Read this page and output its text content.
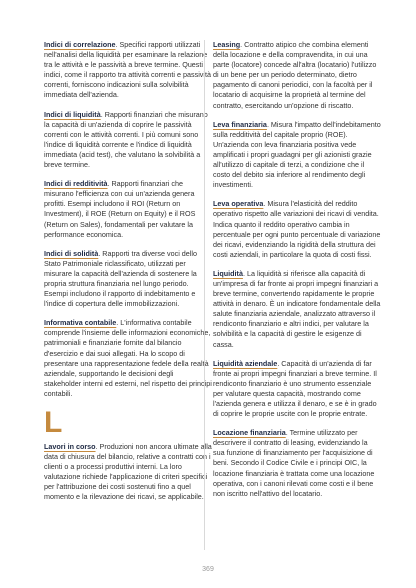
Indici di correlazione. Specifici rapporti utilizzati nell'analisi della liquidità per esaminare la relazione tra le attività e le passività a breve termine. Questi indici, come il rapporto tra attività correnti e passività correnti, forniscono indicazioni sulla solvibilità immediata dell'azienda.

Indici di liquidità. Rapporti finanziari che misurano la capacità di un'azienda di coprire le passività correnti con le attività correnti. I più comuni sono l'indice di liquidità corrente e l'indice di liquidità immediata (acid test), che valutano la solvibilità a breve termine.

Indici di redditività. Rapporti finanziari che misurano l'efficienza con cui un'azienda genera profitti. Esempi includono il ROI (Return on Investment), il ROE (Return on Equity) e il ROS (Return on Sales), fondamentali per valutare la performance economica.

Indici di solidità. Rapporti tra diverse voci dello Stato Patrimoniale riclassificato, utilizzati per misurare la capacità dell'azienda di sostenere la propria struttura finanziaria nel lungo periodo. Esempi includono il rapporto di indebitamento e l'indice di copertura delle immobilizzazioni.

Informativa contabile. L'informativa contabile comprende l'insieme delle informazioni economiche, patrimoniali e finanziarie fornite dal bilancio d'esercizio e dai suoi allegati. Ha lo scopo di presentare una rappresentazione fedele della realtà aziendale, supportando le decisioni degli stakeholder interni ed esterni, nel rispetto dei principi contabili.

L

Lavori in corso. Produzioni non ancora ultimate alla data di chiusura del bilancio, relative a contratti con i clienti o a processi produttivi interni. La loro valutazione richiede l'applicazione di criteri specifici per l'attribuzione dei costi sostenuti fino a quel momento e la rilevazione dei ricavi, se applicabile.

Leasing. Contratto atipico che combina elementi della locazione e della compravendita, in cui una parte (locatore) concede all'altra (locatario) l'utilizzo di un bene per un periodo determinato, dietro pagamento di canoni periodici, con la facoltà per il locatario di acquisirne la proprietà al termine del contratto, esercitando un'opzione di riscatto.

Leva finanziaria. Misura l'impatto dell'indebitamento sulla redditività del capitale proprio (ROE). Un'azienda con leva finanziaria positiva vede amplificati i propri guadagni per gli azionisti grazie all'utilizzo di capitale di terzi, a condizione che il costo del debito sia inferiore al rendimento degli investimenti.

Leva operativa. Misura l'elasticità del reddito operativo rispetto alle variazioni dei ricavi di vendita. Indica quanto il reddito operativo cambia in percentuale per ogni punto percentuale di variazione dei ricavi, evidenziando la rigidità della struttura dei costi aziendali, in particolare la quota di costi fissi.

Liquidità. La liquidità si riferisce alla capacità di un'impresa di far fronte ai propri impegni finanziari a breve termine, convertendo rapidamente le proprie attività in denaro. È un indicatore fondamentale della salute finanziaria aziendale, analizzato attraverso il rendiconto finanziario e altri indici, per valutare la solvibilità e la capacità di gestire le esigenze di cassa.

Liquidità aziendale. Capacità di un'azienda di far fronte ai propri impegni finanziari a breve termine. Il rendiconto finanziario è uno strumento essenziale per valutare questa capacità, mostrando come l'azienda genera e utilizza il denaro, e se è in grado di coprire le proprie uscite con le proprie entrate.

Locazione finanziaria. Termine utilizzato per descrivere il contratto di leasing, evidenziando la sua funzione di finanziamento per l'acquisizione di beni. Secondo il Codice Civile e i principi OIC, la locazione finanziaria è trattata come una locazione operativa, con i canoni rilevati come costi e il bene non iscritto nell'attivo del locatario.

369
